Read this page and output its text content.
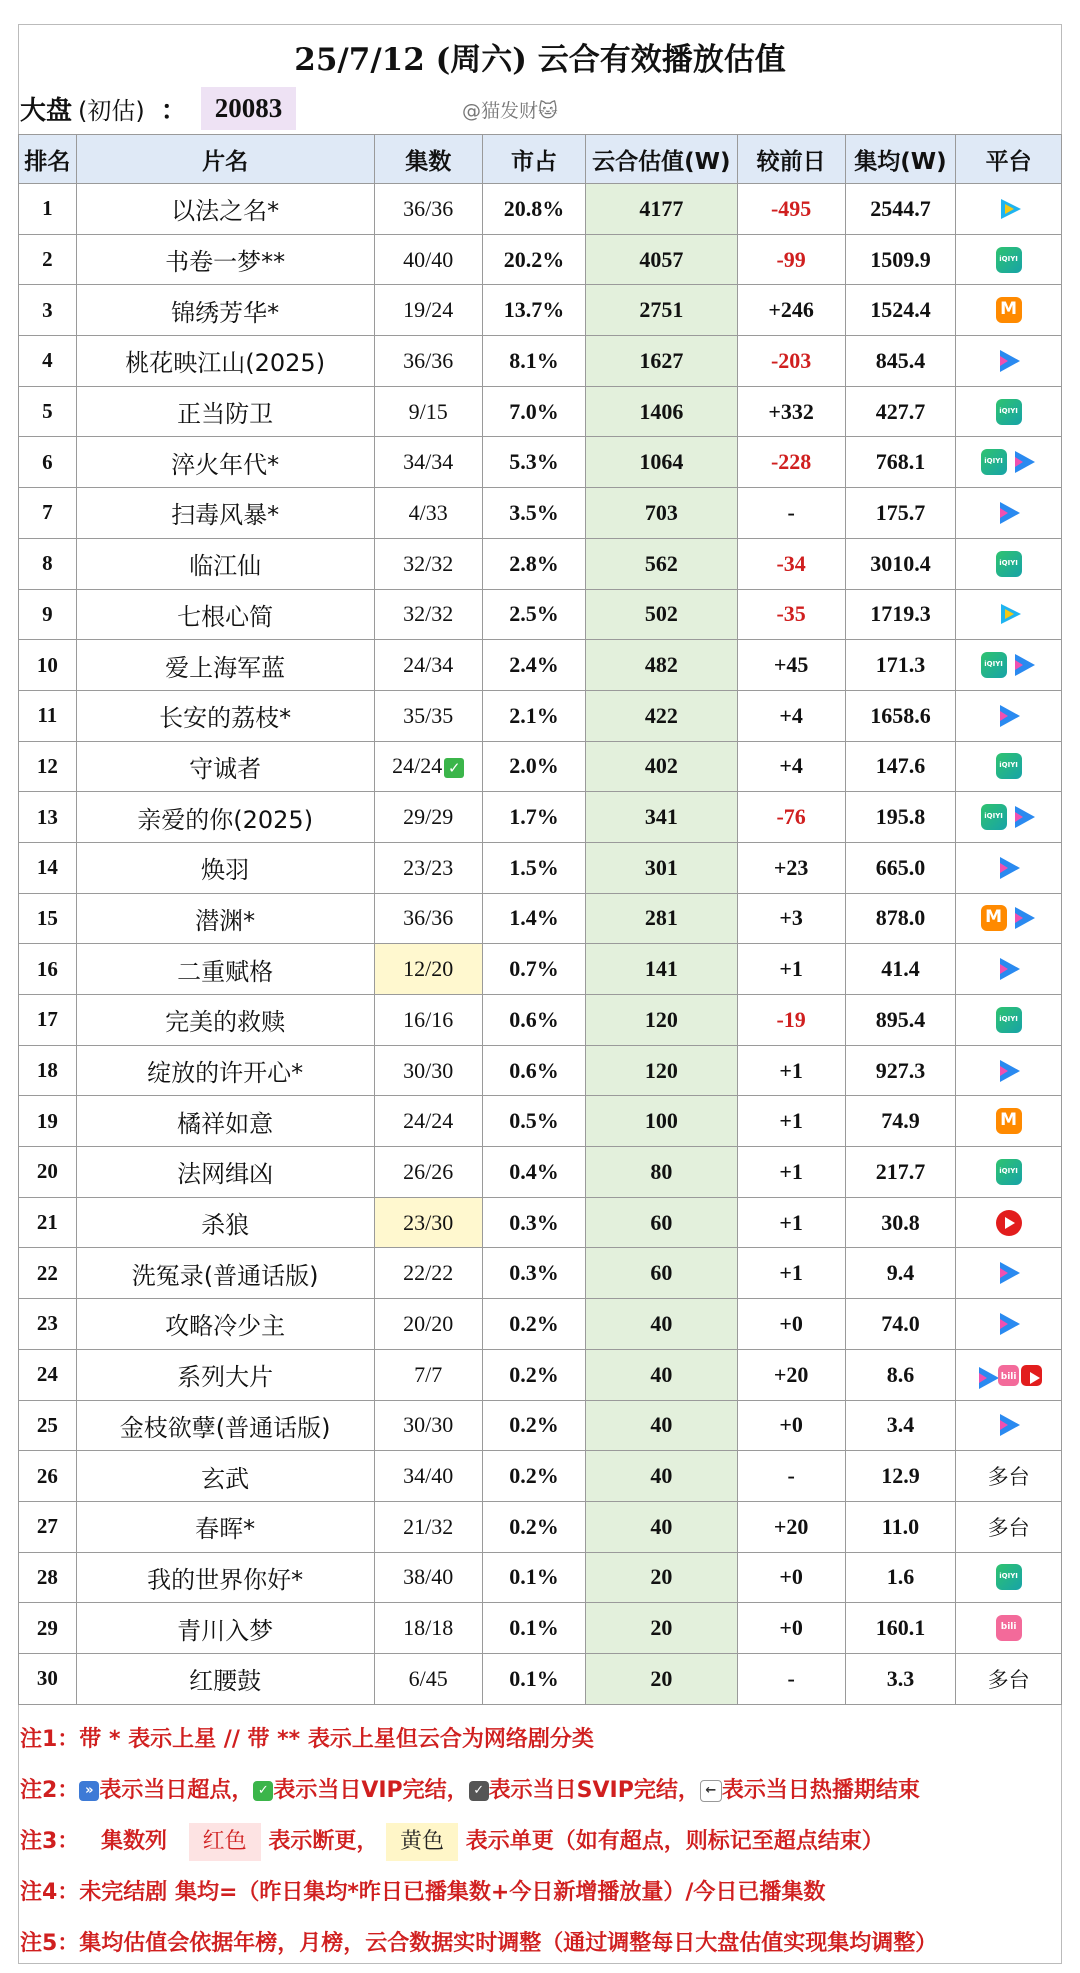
25/7/12 (周六) 云合有效播放估值
大盘 (初估) ：	20083	@猫发财🐱
排名	片名	集数	市占	云合估值(W)	较前日	集均(W)	平台
1	以法之名*	36/36	20.8%	4177	-495	2544.7	
2	书卷一梦**	40/40	20.2%	4057	-99	1509.9	iQIYI
3	锦绣芳华*	19/24	13.7%	2751	+246	1524.4	M
4	桃花映江山(2025)	36/36	8.1%	1627	-203	845.4	
5	正当防卫	9/15	7.0%	1406	+332	427.7	iQIYI
6	淬火年代*	34/34	5.3%	1064	-228	768.1	iQIYI
7	扫毒风暴*	4/33	3.5%	703	-	175.7	
8	临江仙	32/32	2.8%	562	-34	3010.4	iQIYI
9	七根心简	32/32	2.5%	502	-35	1719.3	
10	爱上海军蓝	24/34	2.4%	482	+45	171.3	iQIYI
11	长安的荔枝*	35/35	2.1%	422	+4	1658.6	
12	守诚者	24/24 ✓	2.0%	402	+4	147.6	iQIYI
13	亲爱的你(2025)	29/29	1.7%	341	-76	195.8	iQIYI
14	焕羽	23/23	1.5%	301	+23	665.0	
15	潜渊*	36/36	1.4%	281	+3	878.0	M
16	二重赋格	12/20	0.7%	141	+1	41.4	
17	完美的救赎	16/16	0.6%	120	-19	895.4	iQIYI
18	绽放的许开心*	30/30	0.6%	120	+1	927.3	
19	橘祥如意	24/24	0.5%	100	+1	74.9	M
20	法网缉凶	26/26	0.4%	80	+1	217.7	iQIYI
21	杀狼	23/30	0.3%	60	+1	30.8	
22	洗冤录(普通话版)	22/22	0.3%	60	+1	9.4	
23	攻略冷少主	20/20	0.2%	40	+0	74.0	
24	系列大片	7/7	0.2%	40	+20	8.6	bili
25	金枝欲孽(普通话版)	30/30	0.2%	40	+0	3.4	
26	玄武	34/40	0.2%	40	-	12.9	多台
27	春晖*	21/32	0.2%	40	+20	11.0	多台
28	我的世界你好*	38/40	0.1%	20	+0	1.6	iQIYI
29	青川入梦	18/18	0.1%	20	+0	160.1	bili
30	红腰鼓	6/45	0.1%	20	-	3.3	多台
注1：带 * 表示上星 // 带 ** 表示上星但云合为网络剧分类
注2： » 表示当日超点， ✓ 表示当日VIP完结， ✓ 表示当日SVIP完结， ← 表示当日热播期结束
注3： 集数列 红色 表示断更， 黄色 表示单更（如有超点，则标记至超点结束）
注4：未完结剧 集均=（昨日集均*昨日已播集数+今日新增播放量）/今日已播集数
注5：集均估值会依据年榜，月榜，云合数据实时调整（通过调整每日大盘估值实现集均调整）
